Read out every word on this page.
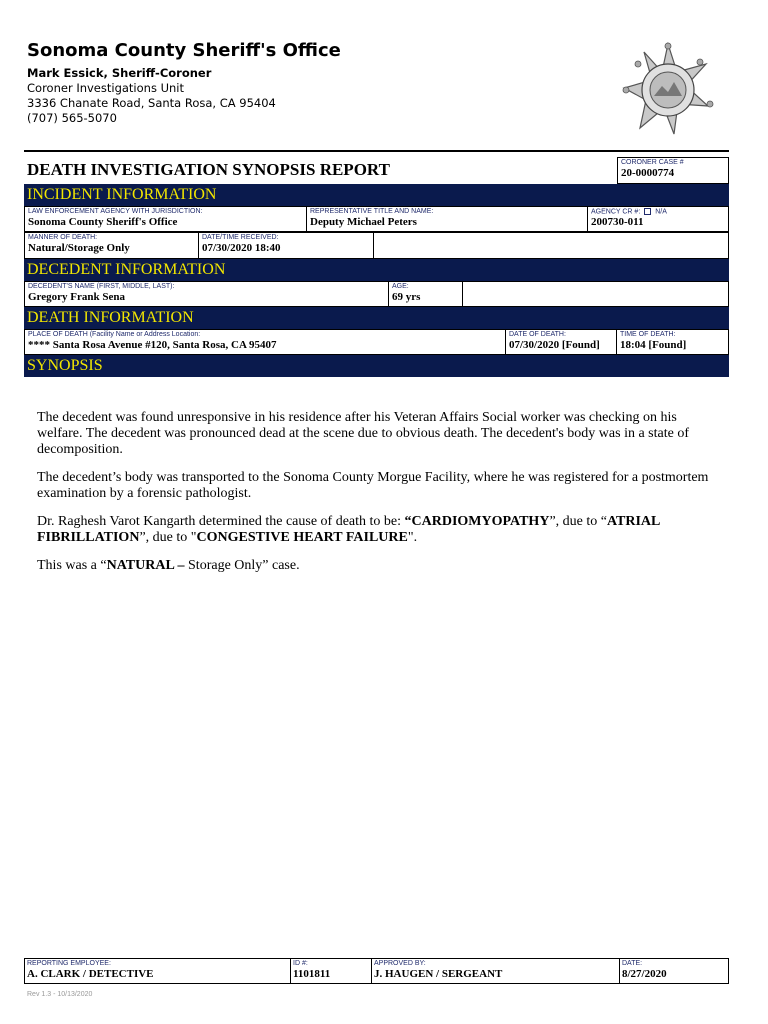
Sonoma County Sheriff's Office
Mark Essick, Sheriff-Coroner
Coroner Investigations Unit
3336 Chanate Road, Santa Rosa, CA 95404
(707) 565-5070
DEATH INVESTIGATION SYNOPSIS REPORT	CORONER CASE #
20-0000774
INCIDENT INFORMATION
LAW ENFORCEMENT AGENCY WITH JURISDICTION:
Sonoma County Sheriff's Office
REPRESENTATIVE TITLE AND NAME:
Deputy Michael Peters
AGENCY CR #: N/A
200730-011
MANNER OF DEATH:
Natural/Storage Only
DATE/TIME RECEIVED:
07/30/2020 18:40
DECEDENT INFORMATION
DECEDENT'S NAME (FIRST, MIDDLE, LAST):
Gregory Frank Sena
AGE:
69 yrs
DEATH INFORMATION
PLACE OF DEATH (Facility Name or Address Location:
**** Santa Rosa Avenue #120, Santa Rosa, CA 95407
DATE OF DEATH:
07/30/2020 [Found]
TIME OF DEATH:
18:04 [Found]
SYNOPSIS

The decedent was found unresponsive in his residence after his Veteran Affairs Social worker was checking on his welfare. The decedent was pronounced dead at the scene due to obvious death. The decedent's body was in a state of decomposition.

The decedent’s body was transported to the Sonoma County Morgue Facility, where he was registered for a postmortem examination by a forensic pathologist.

Dr. Raghesh Varot Kangarth determined the cause of death to be: “CARDIOMYOPATHY”, due to “ATRIAL FIBRILLATION”, due to "CONGESTIVE HEART FAILURE".

This was a “NATURAL – Storage Only” case.

REPORTING EMPLOYEE:
A. CLARK / DETECTIVE
ID #:
1101811
APPROVED BY:
J. HAUGEN / SERGEANT
DATE:
8/27/2020
Rev 1.3 - 10/13/2020
